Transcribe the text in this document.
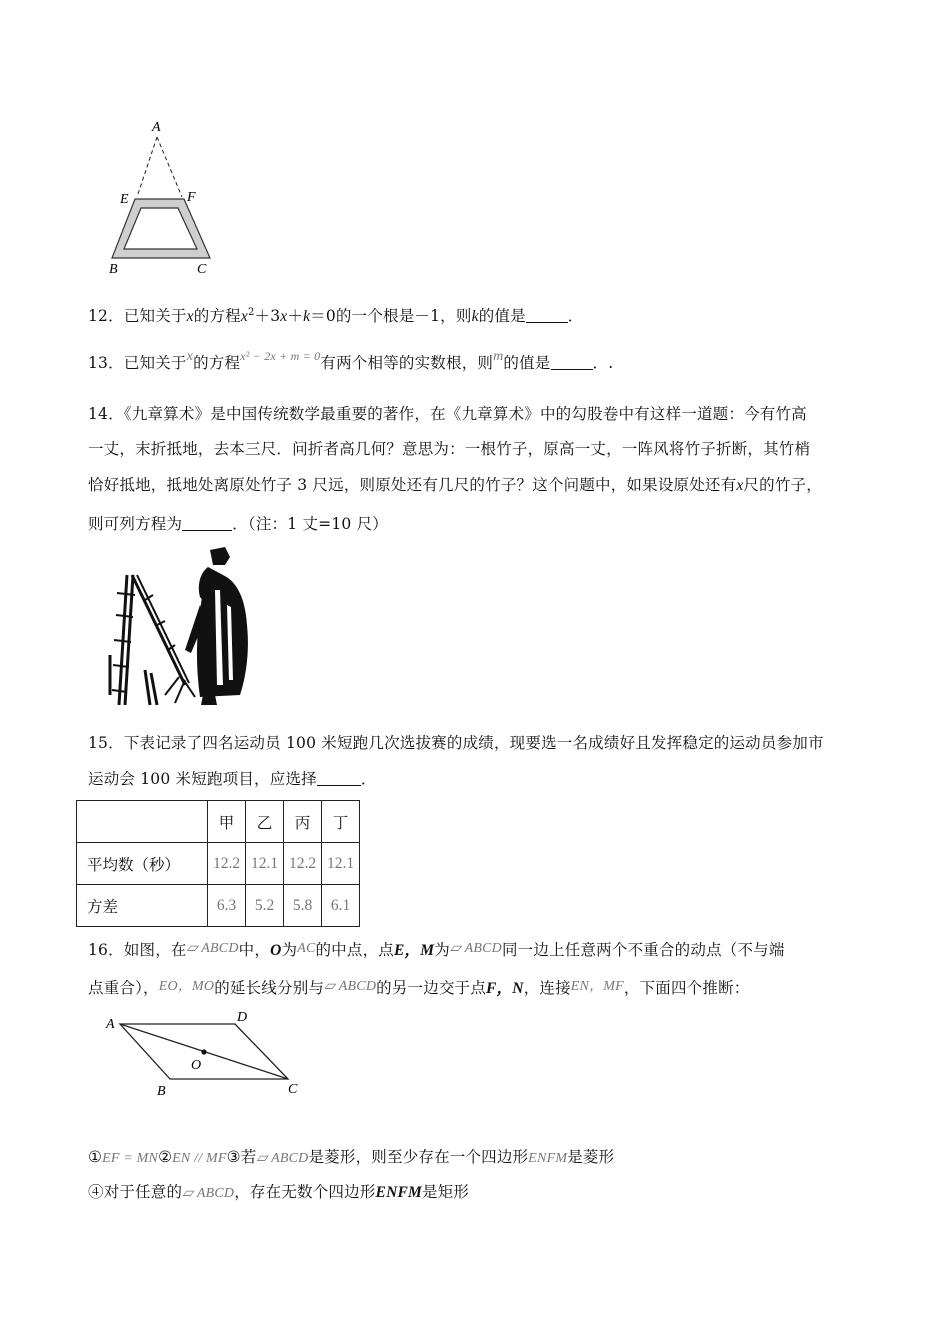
A
E	F
B	C
12．已知关于x的方程$x^2+3x+k=0$的一个根是－1，则k的值是	．
13．已知关于x的方程$^{x^2 - 2x + m = 0}$有两个相等的实数根，则m的值是	．.
14．《九章算术》是中国传统数学最重要的著作，在《九章算术》中的勾股卷中有这样一道题：今有竹高
一丈，末折抵地，去本三尺．问折者高几何？意思为：一根竹子，原高一丈，一阵风将竹子折断，其竹梢
恰好抵地，抵地处离原处竹子 3 尺远，则原处还有几尺的竹子？这个问题中，如果设原处还有x尺的竹子，
则可列方程为	．（注：1 丈=10 尺）
15．下表记录了四名运动员 100 米短跑几次选拔赛的成绩，现要选一名成绩好且发挥稳定的运动员参加市
运动会 100 米短跑项目，应选择	．
	甲	乙	丙	丁
平均数（秒）	12.2	12.1	12.2	12.1
方差	6.3	5.2	5.8	6.1
16．如图，在▱ ABCD中，O为AC的中点，点E，M为▱ ABCD同一边上任意两个不重合的动点（不与端
点重合），EO，MO的延长线分别与▱ ABCD的另一边交于点F，N，连接EN，MF，下面四个推断：
A	D
O
B	C
①EF = MN②EN // MF③若▱ ABCD是菱形，则至少存在一个四边形ENFM是菱形
④对于任意的▱ ABCD，存在无数个四边形ENFM是矩形
